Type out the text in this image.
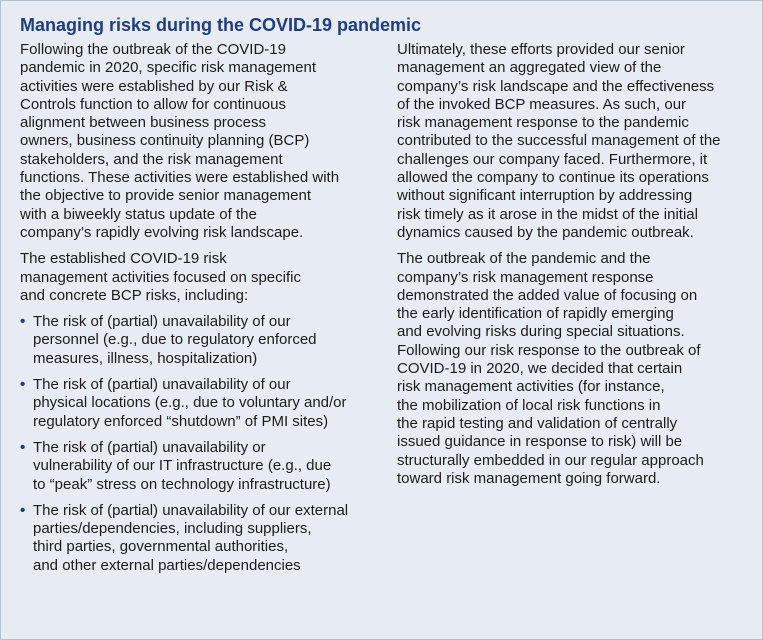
Managing risks during the COVID-19 pandemic

Following the outbreak of the COVID-19
pandemic in 2020, specific risk management
activities were established by our Risk &
Controls function to allow for continuous
alignment between business process
owners, business continuity planning (BCP)
stakeholders, and the risk management
functions. These activities were established with
the objective to provide senior management
with a biweekly status update of the
company’s rapidly evolving risk landscape.

The established COVID-19 risk
management activities focused on specific
and concrete BCP risks, including:

• The risk of (partial) unavailability of our
personnel (e.g., due to regulatory enforced
measures, illness, hospitalization)
• The risk of (partial) unavailability of our
physical locations (e.g., due to voluntary and/or
regulatory enforced “shutdown” of PMI sites)
• The risk of (partial) unavailability or
vulnerability of our IT infrastructure (e.g., due
to “peak” stress on technology infrastructure)
• The risk of (partial) unavailability of our external
parties/dependencies, including suppliers,
third parties, governmental authorities,
and other external parties/dependencies

Ultimately, these efforts provided our senior
management an aggregated view of the
company’s risk landscape and the effectiveness
of the invoked BCP measures. As such, our
risk management response to the pandemic
contributed to the successful management of the
challenges our company faced. Furthermore, it
allowed the company to continue its operations
without significant interruption by addressing
risk timely as it arose in the midst of the initial
dynamics caused by the pandemic outbreak.

The outbreak of the pandemic and the
company’s risk management response
demonstrated the added value of focusing on
the early identification of rapidly emerging
and evolving risks during special situations.
Following our risk response to the outbreak of
COVID-19 in 2020, we decided that certain
risk management activities (for instance,
the mobilization of local risk functions in
the rapid testing and validation of centrally
issued guidance in response to risk) will be
structurally embedded in our regular approach
toward risk management going forward.
